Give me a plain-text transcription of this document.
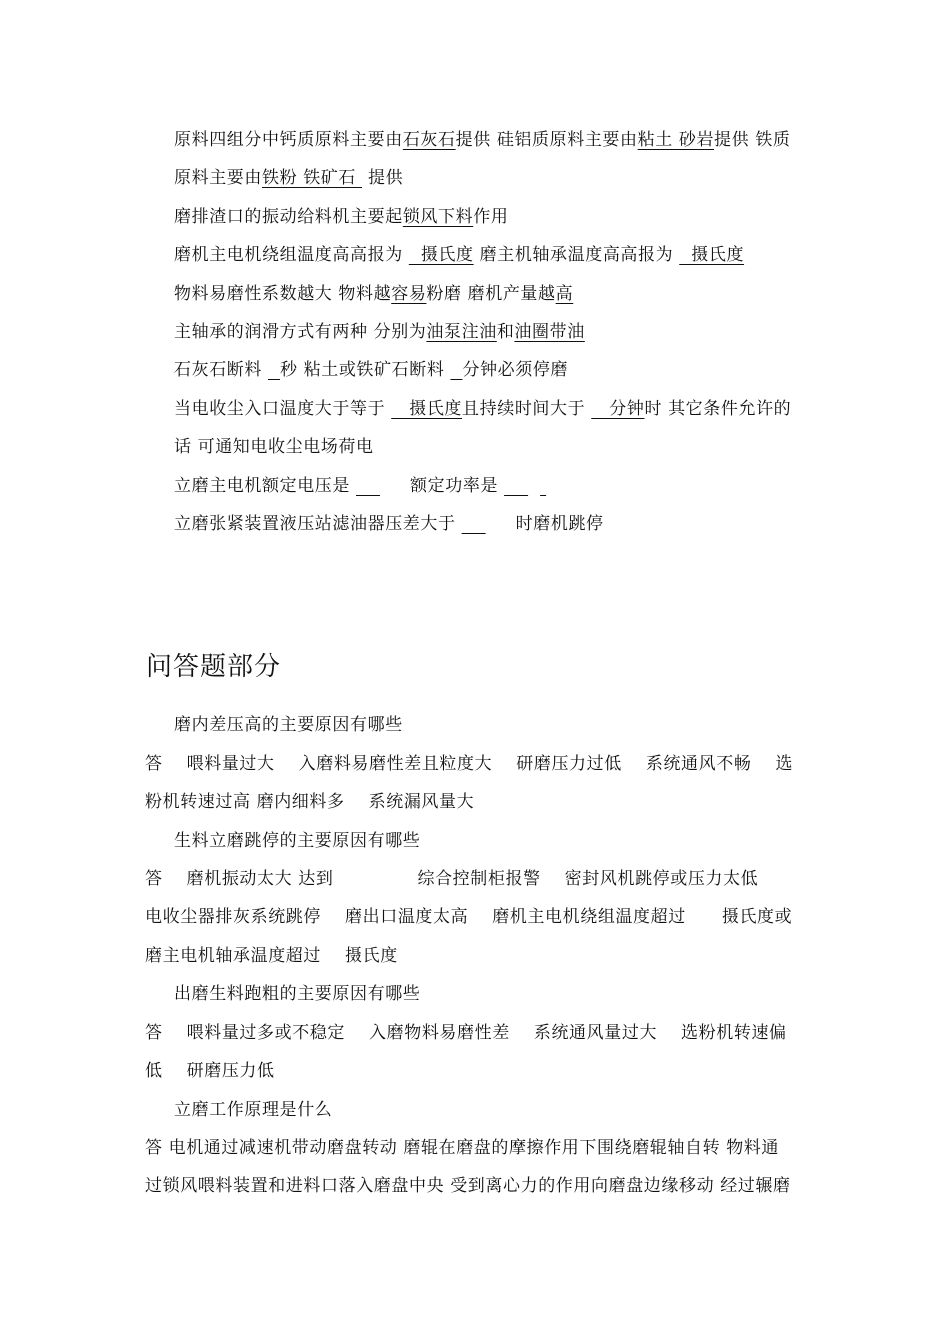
原料四组分中钙质原料主要由石灰石提供 硅铝质原料主要由粘土 砂岩提供 铁质
原料主要由铁粉 铁矿石  提供
磨排渣口的振动给料机主要起锁风下料作用
磨机主电机绕组温度高高报为   摄氏度 磨主机轴承温度高高报为   摄氏度
物料易磨性系数越大 物料越容易粉磨 磨机产量越高
主轴承的润滑方式有两种 分别为油泵注油和油圈带油
石灰石断料   秒 粘土或铁矿石断料   分钟必须停磨
当电收尘入口温度大于等于    摄氏度且持续时间大于    分钟时 其它条件允许的
话 可通知电收尘电场荷电
立磨主电机额定电压是          额定功率是
立磨张紧装置液压站滤油器压差大于          时磨机跳停
问答题部分
磨内差压高的主要原因有哪些
答    喂料量过大    入磨料易磨性差且粒度大    研磨压力过低    系统通风不畅    选
粉机转速过高 磨内细料多    系统漏风量大
生料立磨跳停的主要原因有哪些
答    磨机振动太大 达到              综合控制柜报警    密封风机跳停或压力太低
电收尘器排灰系统跳停    磨出口温度太高    磨机主电机绕组温度超过      摄氏度或
磨主电机轴承温度超过    摄氏度
出磨生料跑粗的主要原因有哪些
答    喂料量过多或不稳定    入磨物料易磨性差    系统通风量过大    选粉机转速偏
低    研磨压力低
立磨工作原理是什么
答 电机通过减速机带动磨盘转动 磨辊在磨盘的摩擦作用下围绕磨辊轴自转 物料通
过锁风喂料装置和进料口落入磨盘中央 受到离心力的作用向磨盘边缘移动 经过辗磨
